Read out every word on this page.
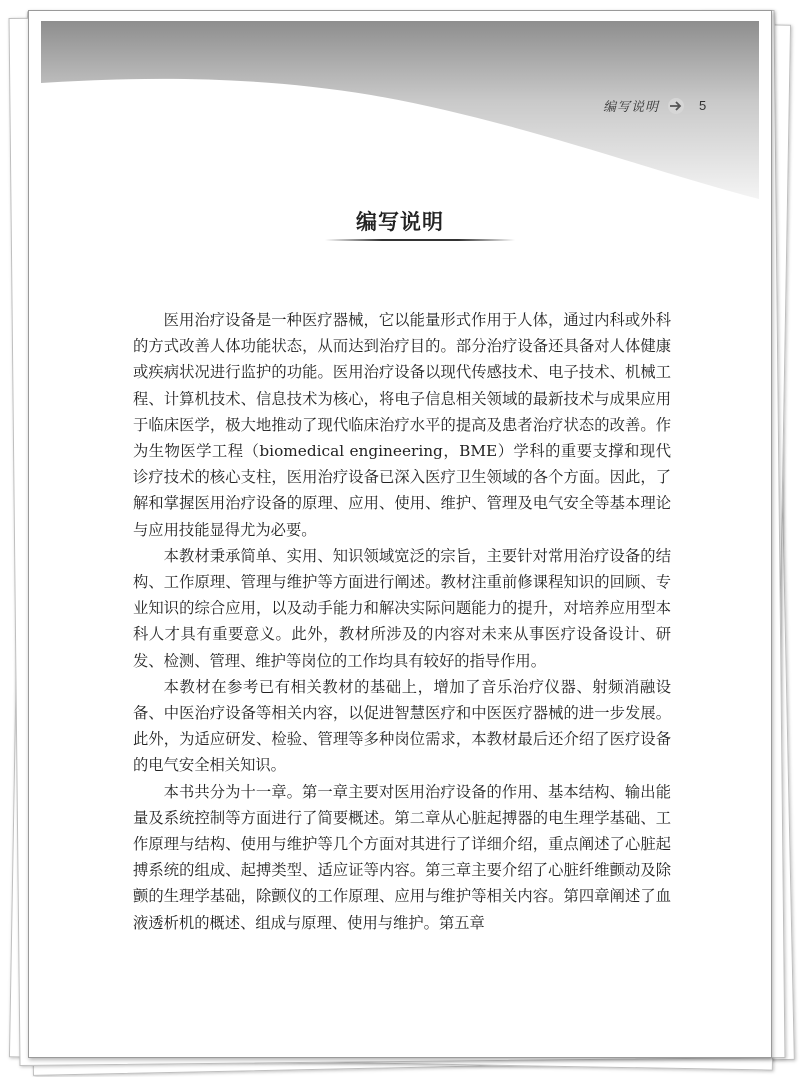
编写说明	5
编写说明

医用治疗设备是一种医疗器械，它以能量形式作用于人体，通过内科或外科的方式改善人体功能状态，从而达到治疗目的。部分治疗设备还具备对人体健康或疾病状况进行监护的功能。医用治疗设备以现代传感技术、电子技术、机械工程、计算机技术、信息技术为核心，将电子信息相关领域的最新技术与成果应用于临床医学，极大地推动了现代临床治疗水平的提高及患者治疗状态的改善。作为生物医学工程（biomedical engineering，BME）学科的重要支撑和现代诊疗技术的核心支柱，医用治疗设备已深入医疗卫生领域的各个方面。因此，了解和掌握医用治疗设备的原理、应用、使用、维护、管理及电气安全等基本理论与应用技能显得尤为必要。

本教材秉承简单、实用、知识领域宽泛的宗旨，主要针对常用治疗设备的结构、工作原理、管理与维护等方面进行阐述。教材注重前修课程知识的回顾、专业知识的综合应用，以及动手能力和解决实际问题能力的提升，对培养应用型本科人才具有重要意义。此外，教材所涉及的内容对未来从事医疗设备设计、研发、检测、管理、维护等岗位的工作均具有较好的指导作用。

本教材在参考已有相关教材的基础上，增加了音乐治疗仪器、射频消融设备、中医治疗设备等相关内容，以促进智慧医疗和中医医疗器械的进一步发展。此外，为适应研发、检验、管理等多种岗位需求，本教材最后还介绍了医疗设备的电气安全相关知识。

本书共分为十一章。第一章主要对医用治疗设备的作用、基本结构、输出能量及系统控制等方面进行了简要概述。第二章从心脏起搏器的电生理学基础、工作原理与结构、使用与维护等几个方面对其进行了详细介绍，重点阐述了心脏起搏系统的组成、起搏类型、适应证等内容。第三章主要介绍了心脏纤维颤动及除颤的生理学基础，除颤仪的工作原理、应用与维护等相关内容。第四章阐述了血液透析机的概述、组成与原理、使用与维护。第五章
